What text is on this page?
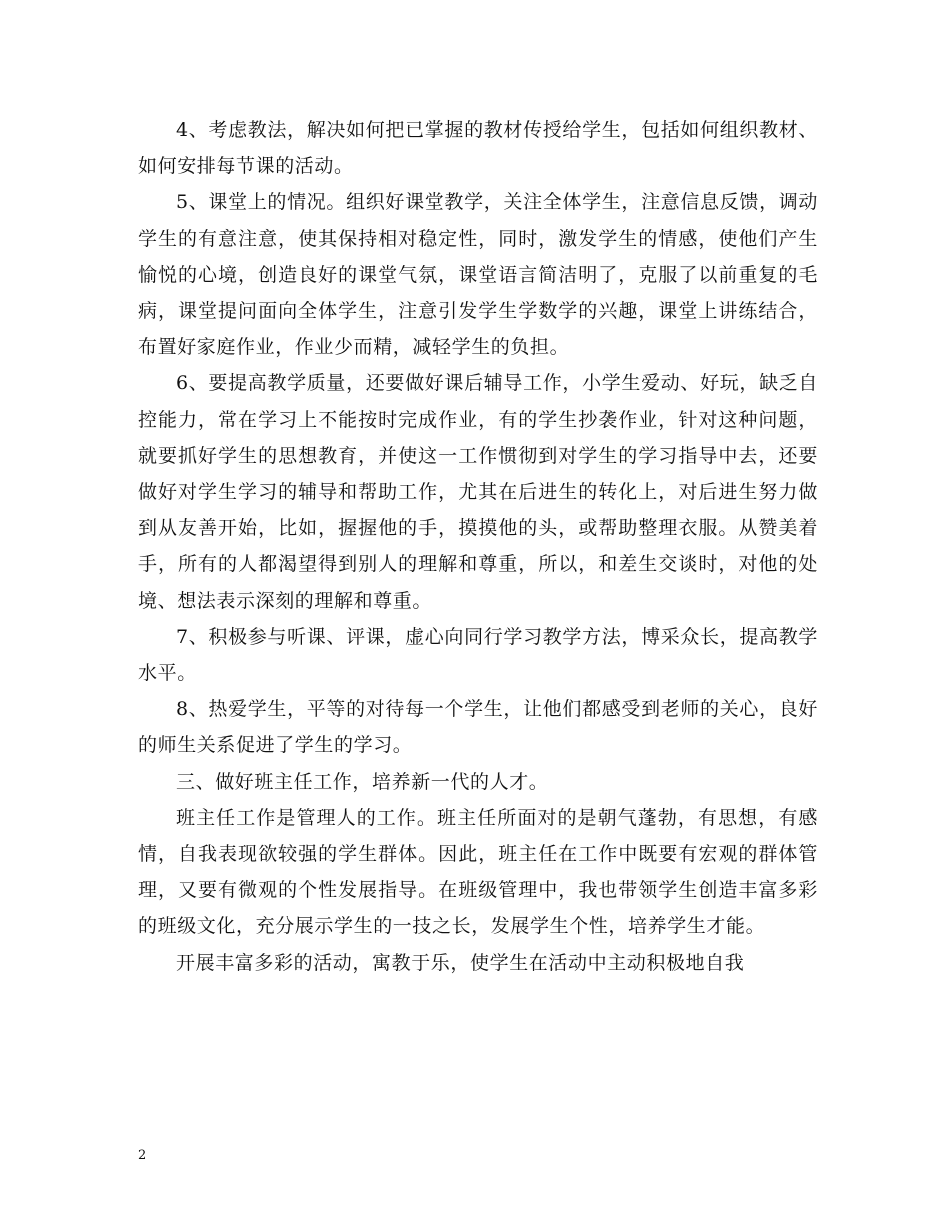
4、考虑教法，解决如何把已掌握的教材传授给学生，包括如何组织教材、如何安排每节课的活动。

5、课堂上的情况。组织好课堂教学，关注全体学生，注意信息反馈，调动学生的有意注意，使其保持相对稳定性，同时，激发学生的情感，使他们产生愉悦的心境，创造良好的课堂气氛，课堂语言简洁明了，克服了以前重复的毛病，课堂提问面向全体学生，注意引发学生学数学的兴趣，课堂上讲练结合，布置好家庭作业，作业少而精，减轻学生的负担。

6、要提高教学质量，还要做好课后辅导工作，小学生爱动、好玩，缺乏自控能力，常在学习上不能按时完成作业，有的学生抄袭作业，针对这种问题，就要抓好学生的思想教育，并使这一工作惯彻到对学生的学习指导中去，还要做好对学生学习的辅导和帮助工作，尤其在后进生的转化上，对后进生努力做到从友善开始，比如，握握他的手，摸摸他的头，或帮助整理衣服。从赞美着手，所有的人都渴望得到别人的理解和尊重，所以，和差生交谈时，对他的处境、想法表示深刻的理解和尊重。

7、积极参与听课、评课，虚心向同行学习教学方法，博采众长，提高教学水平。

8、热爱学生，平等的对待每一个学生，让他们都感受到老师的关心，良好的师生关系促进了学生的学习。

三、做好班主任工作，培养新一代的人才。

班主任工作是管理人的工作。班主任所面对的是朝气蓬勃，有思想，有感情，自我表现欲较强的学生群体。因此，班主任在工作中既要有宏观的群体管理，又要有微观的个性发展指导。在班级管理中，我也带领学生创造丰富多彩的班级文化，充分展示学生的一技之长，发展学生个性，培养学生才能。

开展丰富多彩的活动，寓教于乐，使学生在活动中主动积极地自我

2
